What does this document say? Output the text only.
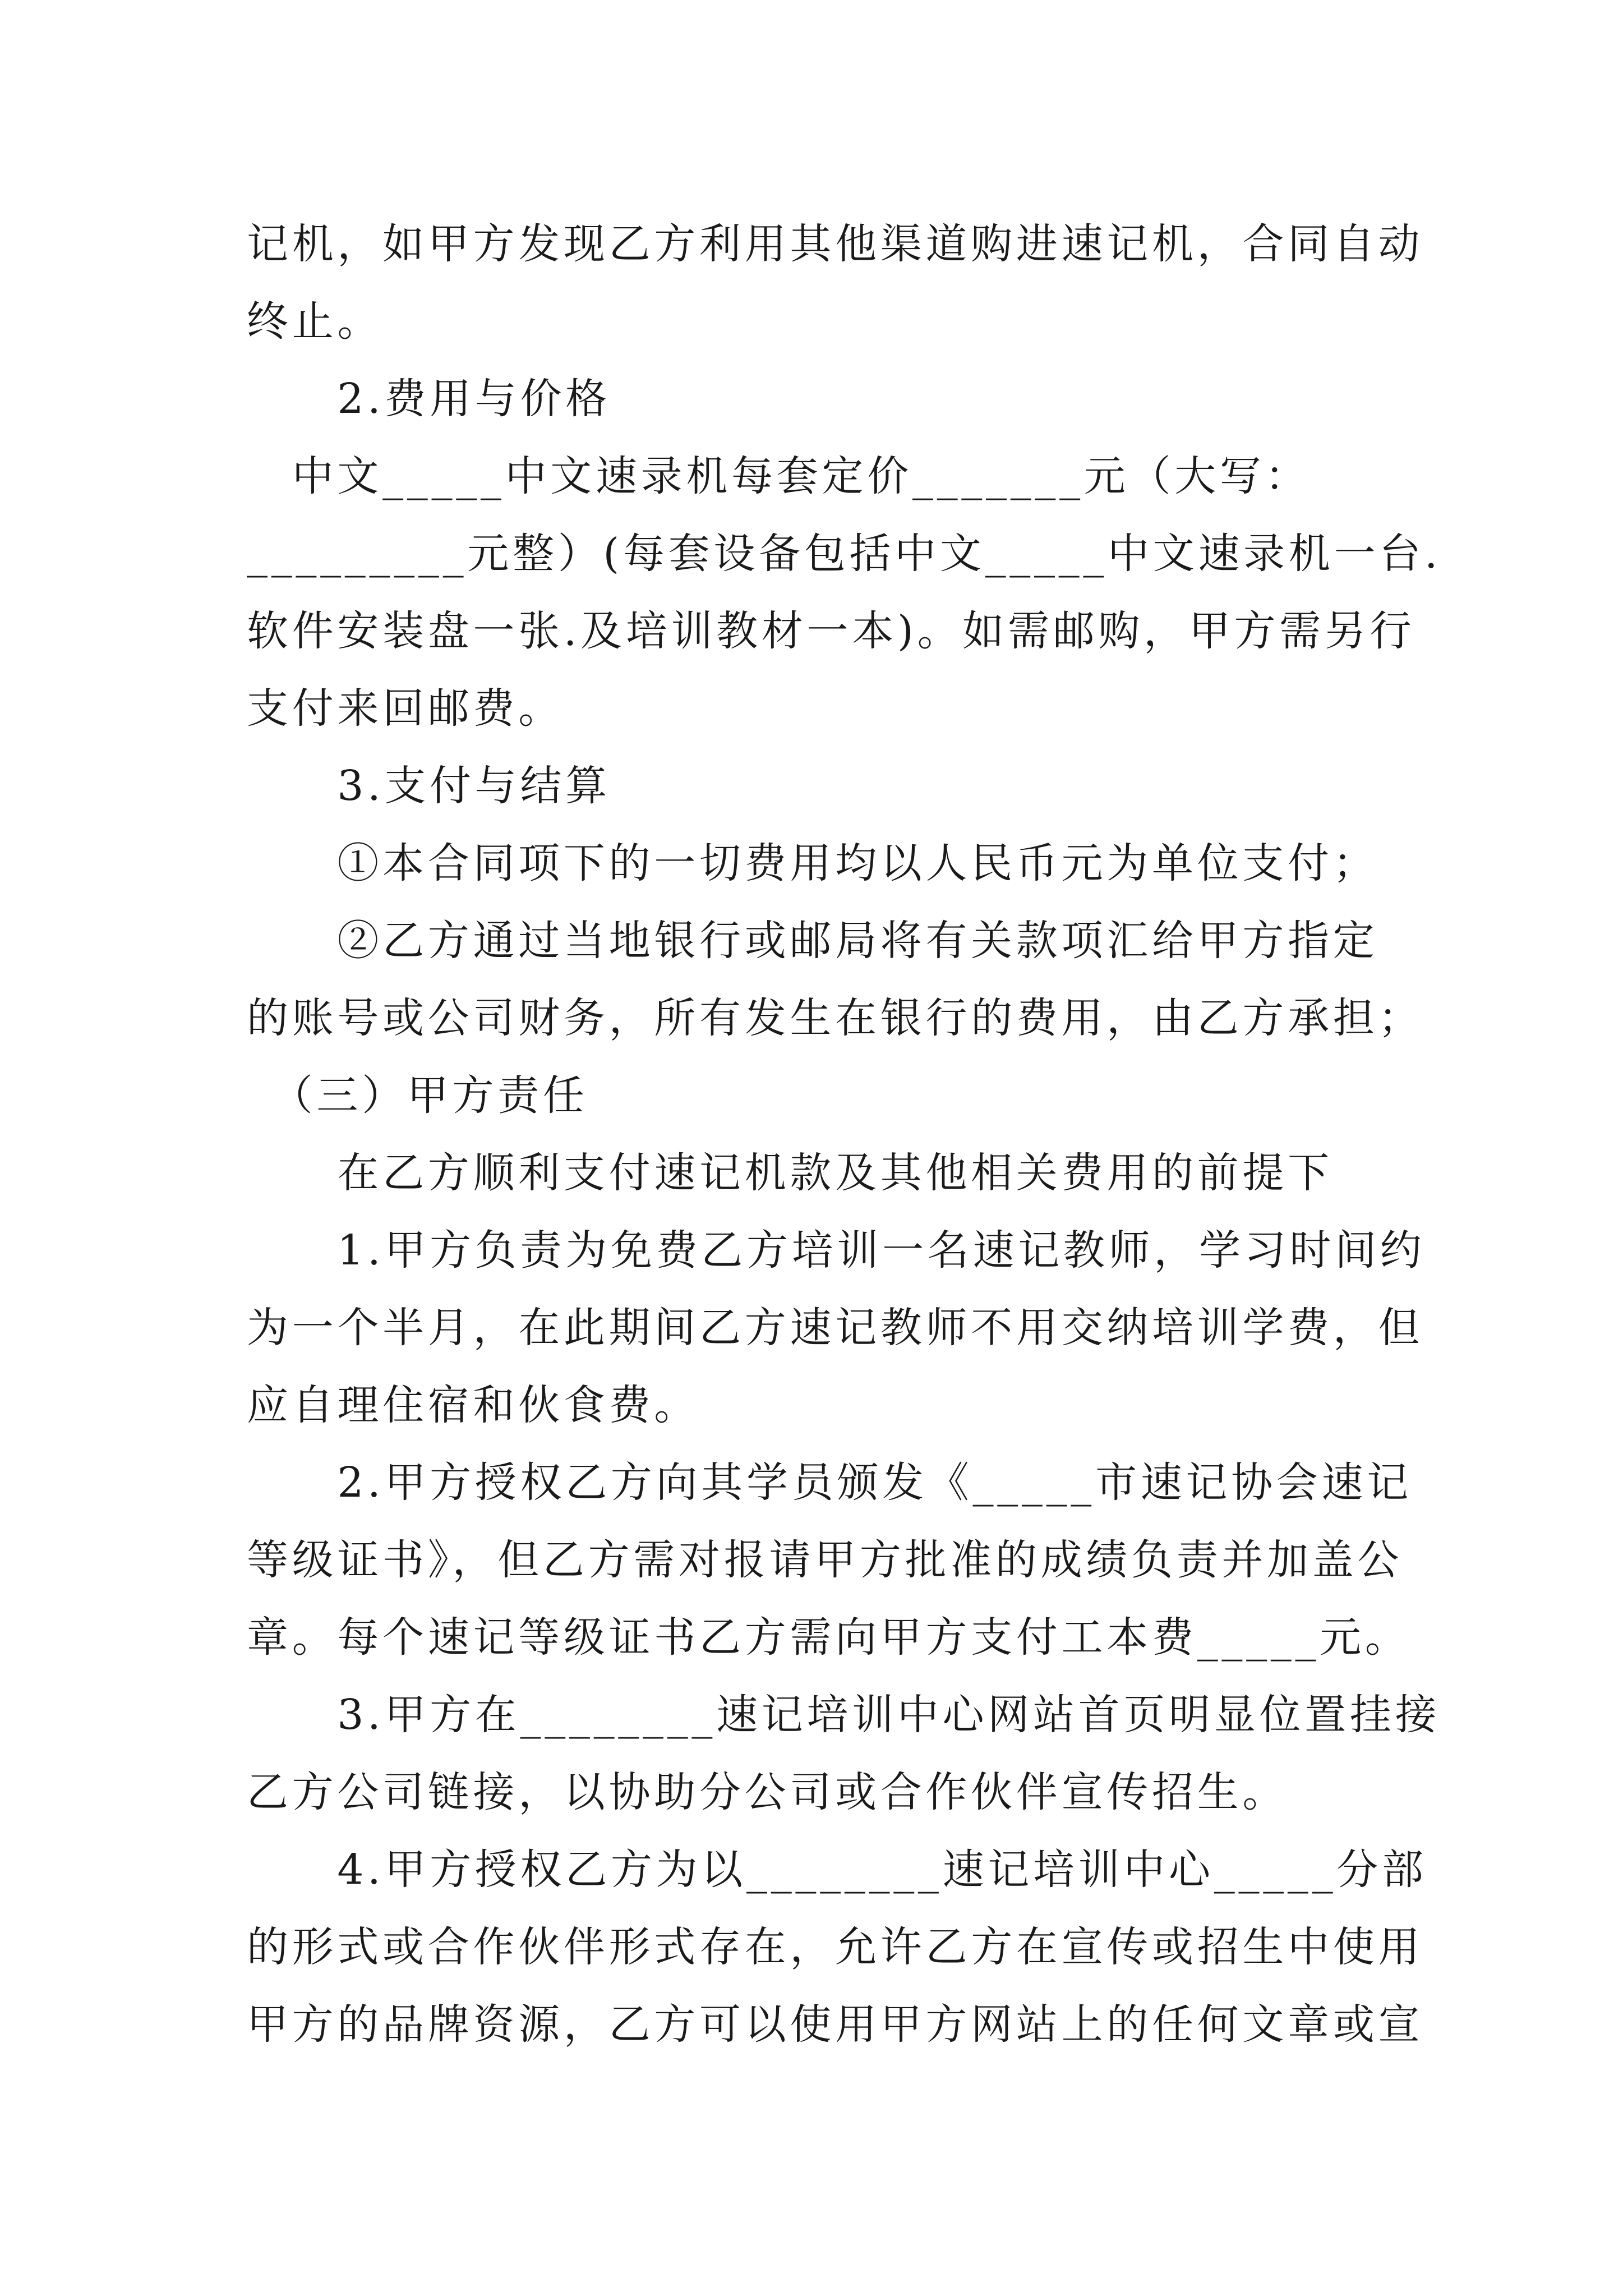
记机，如甲方发现乙方利用其他渠道购进速记机，合同自动
终止。
　　2.费用与价格
　中文_____中文速录机每套定价_______元（大写：
_________元整）(每套设备包括中文_____中文速录机一台.
软件安装盘一张.及培训教材一本)。如需邮购，甲方需另行
支付来回邮费。
　　3.支付与结算
　　①本合同项下的一切费用均以人民币元为单位支付；
　　②乙方通过当地银行或邮局将有关款项汇给甲方指定
的账号或公司财务，所有发生在银行的费用，由乙方承担；
　（三）甲方责任
　　在乙方顺利支付速记机款及其他相关费用的前提下
　　1.甲方负责为免费乙方培训一名速记教师，学习时间约
为一个半月，在此期间乙方速记教师不用交纳培训学费，但
应自理住宿和伙食费。
　　2.甲方授权乙方向其学员颁发《_____市速记协会速记
等级证书》，但乙方需对报请甲方批准的成绩负责并加盖公
章。每个速记等级证书乙方需向甲方支付工本费_____元。
　　3.甲方在________速记培训中心网站首页明显位置挂接
乙方公司链接，以协助分公司或合作伙伴宣传招生。
　　4.甲方授权乙方为以________速记培训中心_____分部
的形式或合作伙伴形式存在，允许乙方在宣传或招生中使用
甲方的品牌资源，乙方可以使用甲方网站上的任何文章或宣
